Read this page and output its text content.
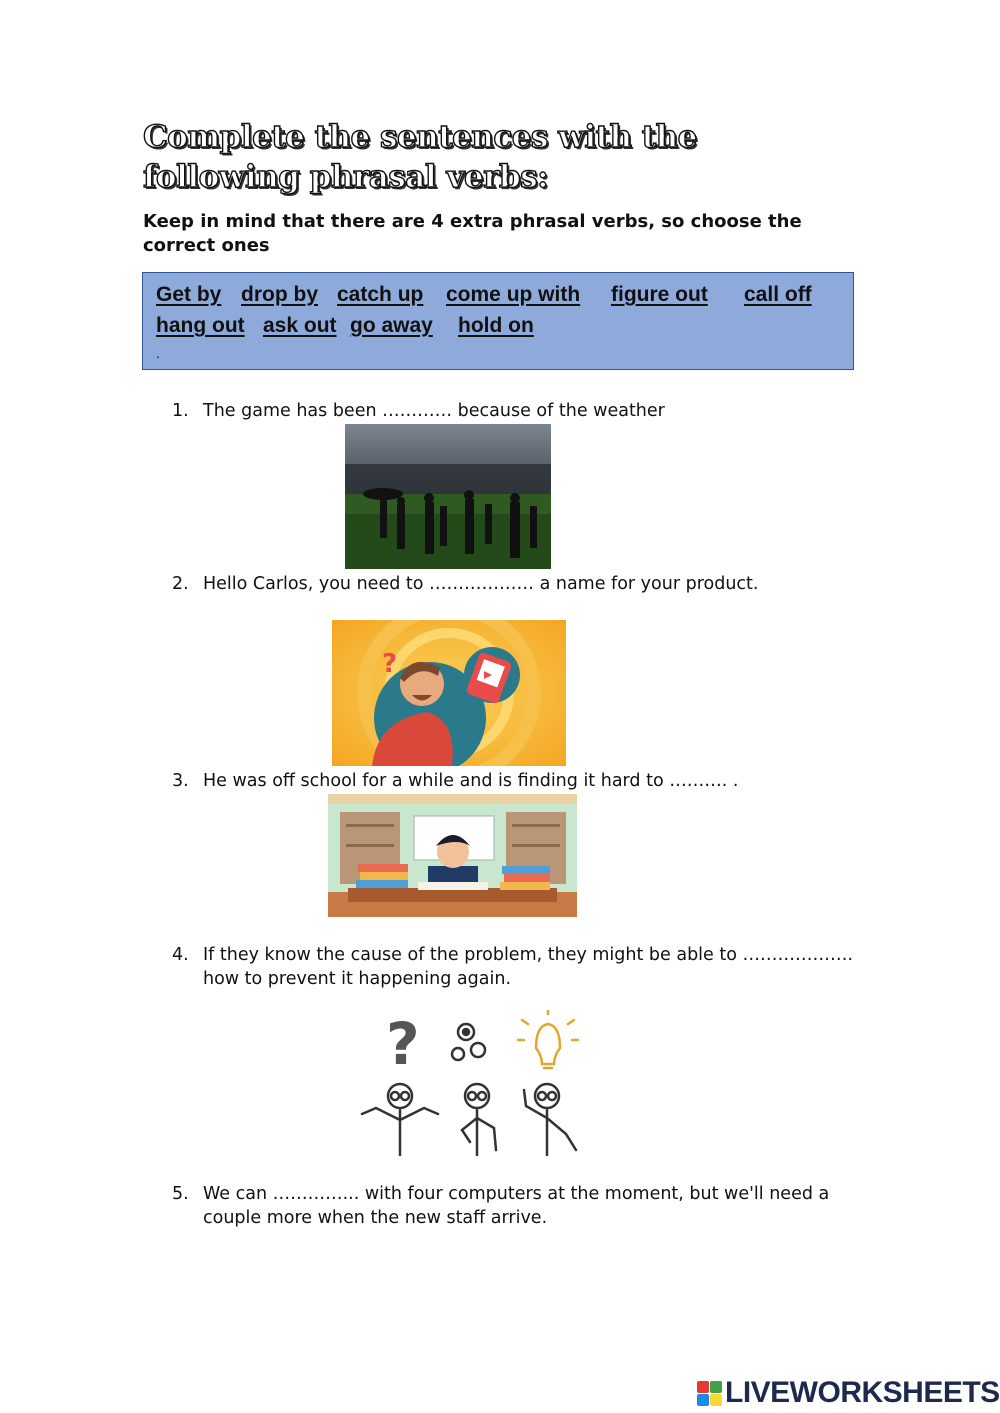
Complete the sentences with the following phrasal verbs:

Keep in mind that there are 4 extra phrasal verbs, so choose the correct ones

Get by drop by catch up come up with figure out call off
hang out ask out go away hold on
.
1. The game has been ………… because of the weather
2. Hello Carlos, you need to ……………… a name for your product.
?
3. He was off school for a while and is finding it hard to ………. .
4. If they know the cause of the problem, they might be able to ………………. how to prevent it happening again.
?
5. We can …………... with four computers at the moment, but we'll need a couple more when the new staff arrive.
LIVEWORKSHEETS
